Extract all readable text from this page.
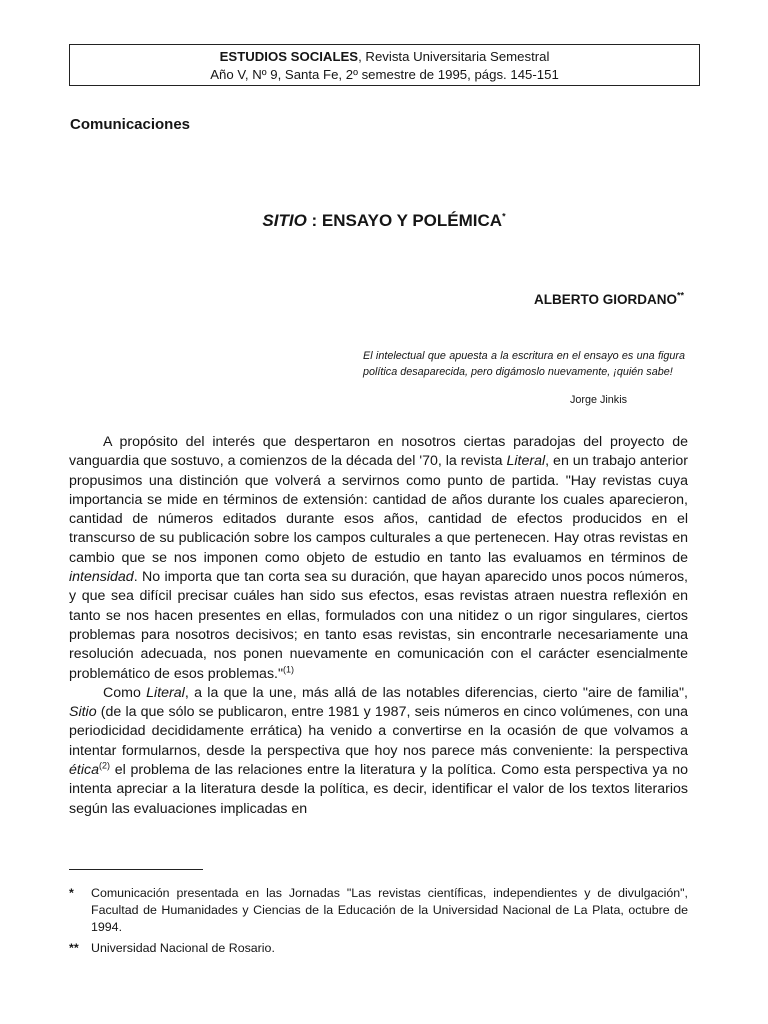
ESTUDIOS SOCIALES, Revista Universitaria Semestral
Año V, Nº 9, Santa Fe, 2º semestre de 1995, págs. 145-151
Comunicaciones
SITIO : ENSAYO Y POLÉMICA*
ALBERTO GIORDANO**
El intelectual que apuesta a la escritura en el ensayo es una figura política desaparecida, pero digámoslo nuevamente, ¡quién sabe!
Jorge Jinkis

A propósito del interés que despertaron en nosotros ciertas paradojas del proyecto de vanguardia que sostuvo, a comienzos de la década del '70, la revista Literal, en un trabajo anterior propusimos una distinción que volverá a servirnos como punto de partida. "Hay revistas cuya importancia se mide en términos de extensión: cantidad de años durante los cuales aparecieron, cantidad de números editados durante esos años, cantidad de efectos producidos en el transcurso de su publicación sobre los campos culturales a que pertenecen. Hay otras revistas en cambio que se nos imponen como objeto de estudio en tanto las evaluamos en términos de intensidad. No importa que tan corta sea su duración, que hayan aparecido unos pocos números, y que sea difícil precisar cuáles han sido sus efectos, esas revistas atraen nuestra reflexión en tanto se nos hacen presentes en ellas, formulados con una nitidez o un rigor singulares, ciertos problemas para nosotros decisivos; en tanto esas revistas, sin encontrarle necesariamente una resolución adecuada, nos ponen nuevamente en comunicación con el carácter esencialmente problemático de esos problemas."$^{(1)}$

Como Literal, a la que la une, más allá de las notables diferencias, cierto "aire de familia", Sitio (de la que sólo se publicaron, entre 1981 y 1987, seis números en cinco volúmenes, con una periodicidad decididamente errática) ha venido a convertirse en la ocasión de que volvamos a intentar formularnos, desde la perspectiva que hoy nos parece más conveniente: la perspectiva ética$^{(2)}$ el problema de las relaciones entre la literatura y la política. Como esta perspectiva ya no intenta apreciar a la literatura desde la política, es decir, identificar el valor de los textos literarios según las evaluaciones implicadas en

* Comunicación presentada en las Jornadas "Las revistas científicas, independientes y de divulgación", Facultad de Humanidades y Ciencias de la Educación de la Universidad Nacional de La Plata, octubre de 1994.
** Universidad Nacional de Rosario.
